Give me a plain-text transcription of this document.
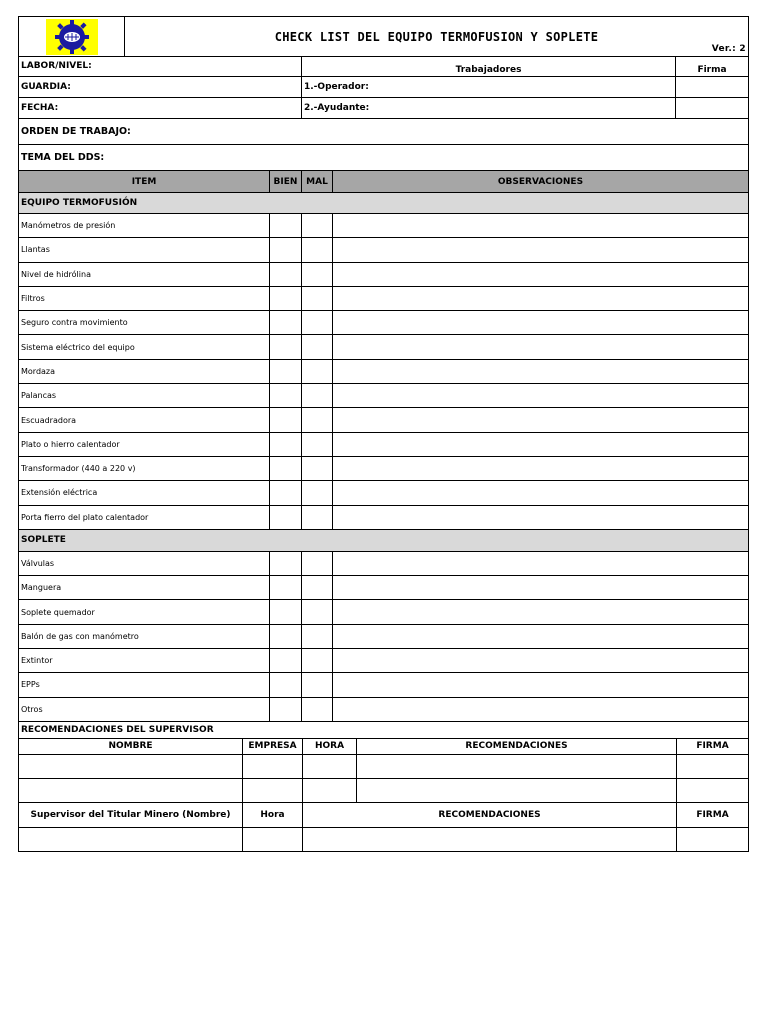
CHECK LIST DEL EQUIPO TERMOFUSION Y SOPLETE
Ver.: 2
LABOR/NIVEL:	Trabajadores	Firma
GUARDIA:	1.-Operador:
FECHA:	2.-Ayudante:
ORDEN DE TRABAJO:
TEMA DEL DDS:
ITEM	BIEN MAL	OBSERVACIONES
EQUIPO TERMOFUSIÓN
Manómetros de presión
Llantas
Nivel de hidrólina
Filtros
Seguro contra movimiento
Sistema eléctrico del equipo
Mordaza
Palancas
Escuadradora
Plato o hierro calentador
Transformador (440 a 220 v)
Extensión eléctrica
Porta fierro del plato calentador
SOPLETE
Válvulas
Manguera
Soplete quemador
Balón de gas con manómetro
Extintor
EPPs
Otros
RECOMENDACIONES DEL SUPERVISOR
NOMBRE	EMPRESA	HORA	RECOMENDACIONES	FIRMA
Supervisor del Titular Minero (Nombre)	Hora	RECOMENDACIONES	FIRMA
